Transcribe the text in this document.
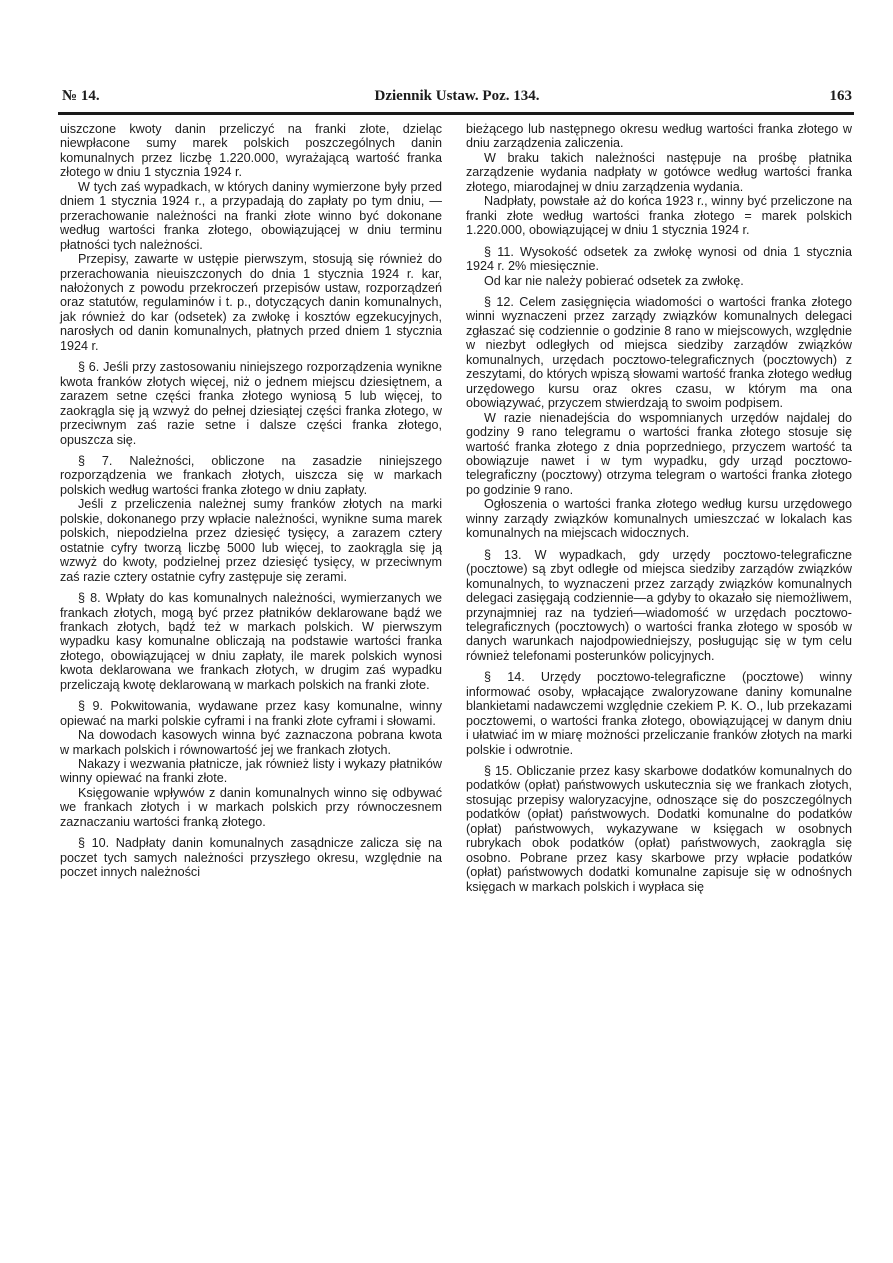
№ 14.	Dziennik Ustaw. Poz. 134.	163

uiszczone kwoty danin przeliczyć na franki złote, dzieląc niewpłacone sumy marek polskich poszczególnych danin komunalnych przez liczbę 1.220.000, wyrażającą wartość franka złotego w dniu 1 stycznia 1924 r.

W tych zaś wypadkach, w których daniny wymierzone były przed dniem 1 stycznia 1924 r., a przypadają do zapłaty po tym dniu, — przerachowanie należności na franki złote winno być dokonane według wartości franka złotego, obowiązującej w dniu terminu płatności tych należności.

Przepisy, zawarte w ustępie pierwszym, stosują się również do przerachowania nieuiszczonych do dnia 1 stycznia 1924 r. kar, nałożonych z powodu przekroczeń przepisów ustaw, rozporządzeń oraz statutów, regulaminów i t. p., dotyczących danin komunalnych, jak również do kar (odsetek) za zwłokę i kosztów egzekucyjnych, narosłych od danin komunalnych, płatnych przed dniem 1 stycznia 1924 r.

§ 6. Jeśli przy zastosowaniu niniejszego rozporządzenia wynikne kwota franków złotych więcej, niż o jednem miejscu dziesiętnem, a zarazem setne części franka złotego wyniosą 5 lub więcej, to zaokrągla się ją wzwyż do pełnej dziesiątej części franka złotego, w przeciwnym zaś razie setne i dalsze części franka złotego, opuszcza się.

§ 7. Należności, obliczone na zasadzie niniejszego rozporządzenia we frankach złotych, uiszcza się w markach polskich według wartości franka złotego w dniu zapłaty.

Jeśli z przeliczenia należnej sumy franków złotych na marki polskie, dokonanego przy wpłacie należności, wynikne suma marek polskich, niepodzielna przez dziesięć tysięcy, a zarazem cztery ostatnie cyfry tworzą liczbę 5000 lub więcej, to zaokrągla się ją wzwyż do kwoty, podzielnej przez dziesięć tysięcy, w przeciwnym zaś razie cztery ostatnie cyfry zastępuje się zerami.

§ 8. Wpłaty do kas komunalnych należności, wymierzanych we frankach złotych, mogą być przez płatników deklarowane bądź we frankach złotych, bądź też w markach polskich. W pierwszym wypadku kasy komunalne obliczają na podstawie wartości franka złotego, obowiązującej w dniu zapłaty, ile marek polskich wynosi kwota deklarowana we frankach złotych, w drugim zaś wypadku przeliczają kwotę deklarowaną w markach polskich na franki złote.

§ 9. Pokwitowania, wydawane przez kasy komunalne, winny opiewać na marki polskie cyframi i na franki złote cyframi i słowami.

Na dowodach kasowych winna być zaznaczona pobrana kwota w markach polskich i równowartość jej we frankach złotych.

Nakazy i wezwania płatnicze, jak również listy i wykazy płatników winny opiewać na franki złote.

Księgowanie wpływów z danin komunalnych winno się odbywać we frankach złotych i w markach polskich przy równoczesnem zaznaczaniu wartości franką złotego.

§ 10. Nadpłaty danin komunalnych zasądnicze zalicza się na poczet tych samych należności przyszłego okresu, względnie na poczet innych należności

bieżącego lub następnego okresu według wartości franka złotego w dniu zarządzenia zaliczenia.

W braku takich należności następuje na prośbę płatnika zarządzenie wydania nadpłaty w gotówce według wartości franka złotego, miarodajnej w dniu zarządzenia wydania.

Nadpłaty, powstałe aż do końca 1923 r., winny być przeliczone na franki złote według wartości franka złotego = marek polskich 1.220.000, obowiązującej w dniu 1 stycznia 1924 r.

§ 11. Wysokość odsetek za zwłokę wynosi od dnia 1 stycznia 1924 r. 2% miesięcznie.

Od kar nie należy pobierać odsetek za zwłokę.

§ 12. Celem zasięgnięcia wiadomości o wartości franka złotego winni wyznaczeni przez zarządy związków komunalnych delegaci zgłaszać się codziennie o godzinie 8 rano w miejscowych, względnie w niezbyt odległych od miejsca siedziby zarządów związków komunalnych, urzędach pocztowo-telegraficznych (pocztowych) z zeszytami, do których wpiszą słowami wartość franka złotego według urzędowego kursu oraz okres czasu, w którym ma ona obowiązywać, przyczem stwierdzają to swoim podpisem.

W razie nienadejścia do wspomnianych urzędów najdalej do godziny 9 rano telegramu o wartości franka złotego stosuje się wartość franka złotego z dnia poprzedniego, przyczem wartość ta obowiązuje nawet i w tym wypadku, gdy urząd pocztowo-telegraficzny (pocztowy) otrzyma telegram o wartości franka złotego po godzinie 9 rano.

Ogłoszenia o wartości franka złotego według kursu urzędowego winny zarządy związków komunalnych umieszczać w lokalach kas komunalnych na miejscach widocznych.

§ 13. W wypadkach, gdy urzędy pocztowo-telegraficzne (pocztowe) są zbyt odległe od miejsca siedziby zarządów związków komunalnych, to wyznaczeni przez zarządy związków komunalnych delegaci zasięgają codziennie—a gdyby to okazało się niemożliwem, przynajmniej raz na tydzień—wiadomość w urzędach pocztowo-telegraficznych (pocztowych) o wartości franka złotego w sposób w danych warunkach najodpowiedniejszy, posługując się w tym celu również telefonami posterunków policyjnych.

§ 14. Urzędy pocztowo-telegraficzne (pocztowe) winny informować osoby, wpłacające zwaloryzowane daniny komunalne blankietami nadawczemi względnie czekiem P. K. O., lub przekazami pocztowemi, o wartości franka złotego, obowiązującej w danym dniu i ułatwiać im w miarę możności przeliczanie franków złotych na marki polskie i odwrotnie.

§ 15. Obliczanie przez kasy skarbowe dodatków komunalnych do podatków (opłat) państwowych uskutecznia się we frankach złotych, stosując przepisy waloryzacyjne, odnoszące się do poszczególnych podatków (opłat) państwowych. Dodatki komunalne do podatków (opłat) państwowych, wykazywane w księgach w osobnych rubrykach obok podatków (opłat) państwowych, zaokrągla się osobno. Pobrane przez kasy skarbowe przy wpłacie podatków (opłat) państwowych dodatki komunalne zapisuje się w odnośnych księgach w markach polskich i wypłaca się
